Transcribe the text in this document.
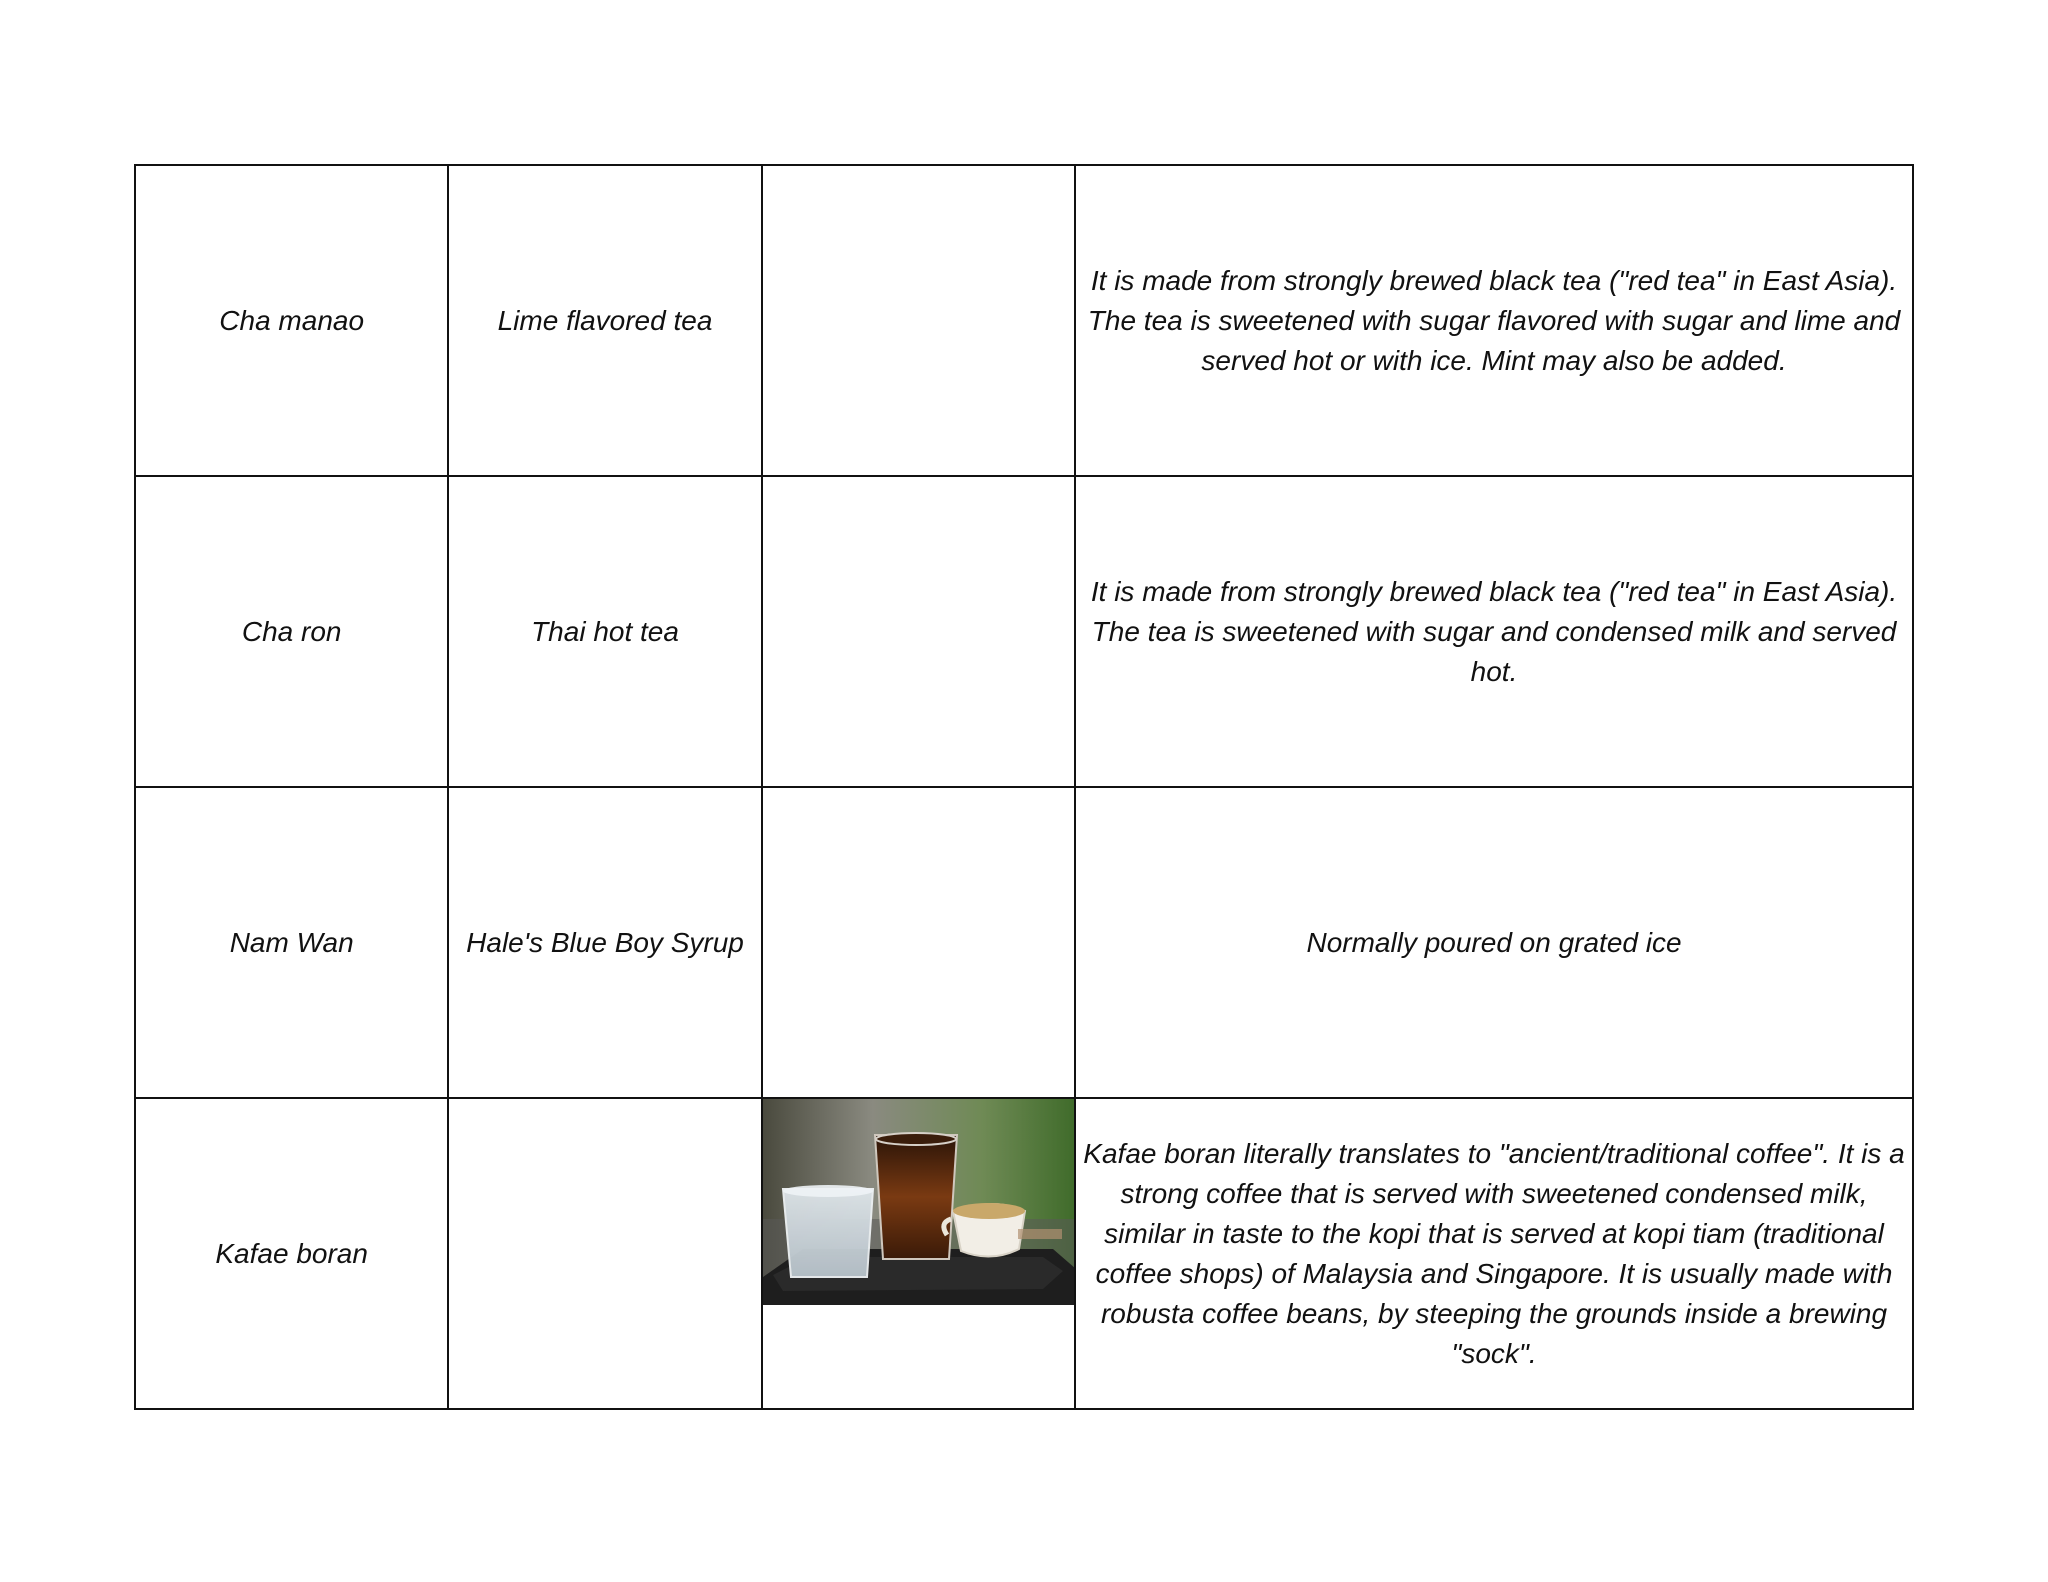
Cha manao	Lime flavored tea		It is made from strongly brewed black tea ("red tea" in East Asia). The tea is sweetened with sugar flavored with sugar and lime and served hot or with ice. Mint may also be added.

Cha ron	Thai hot tea		It is made from strongly brewed black tea ("red tea" in East Asia). The tea is sweetened with sugar and condensed milk and served hot.

Nam Wan	Hale's Blue Boy Syrup		Normally poured on grated ice

Kafae boran			Kafae boran literally translates to "ancient/traditional coffee". It is a strong coffee that is served with sweetened condensed milk, similar in taste to the kopi that is served at kopi tiam (traditional coffee shops) of Malaysia and Singapore. It is usually made with robusta coffee beans, by steeping the grounds inside a brewing "sock".
